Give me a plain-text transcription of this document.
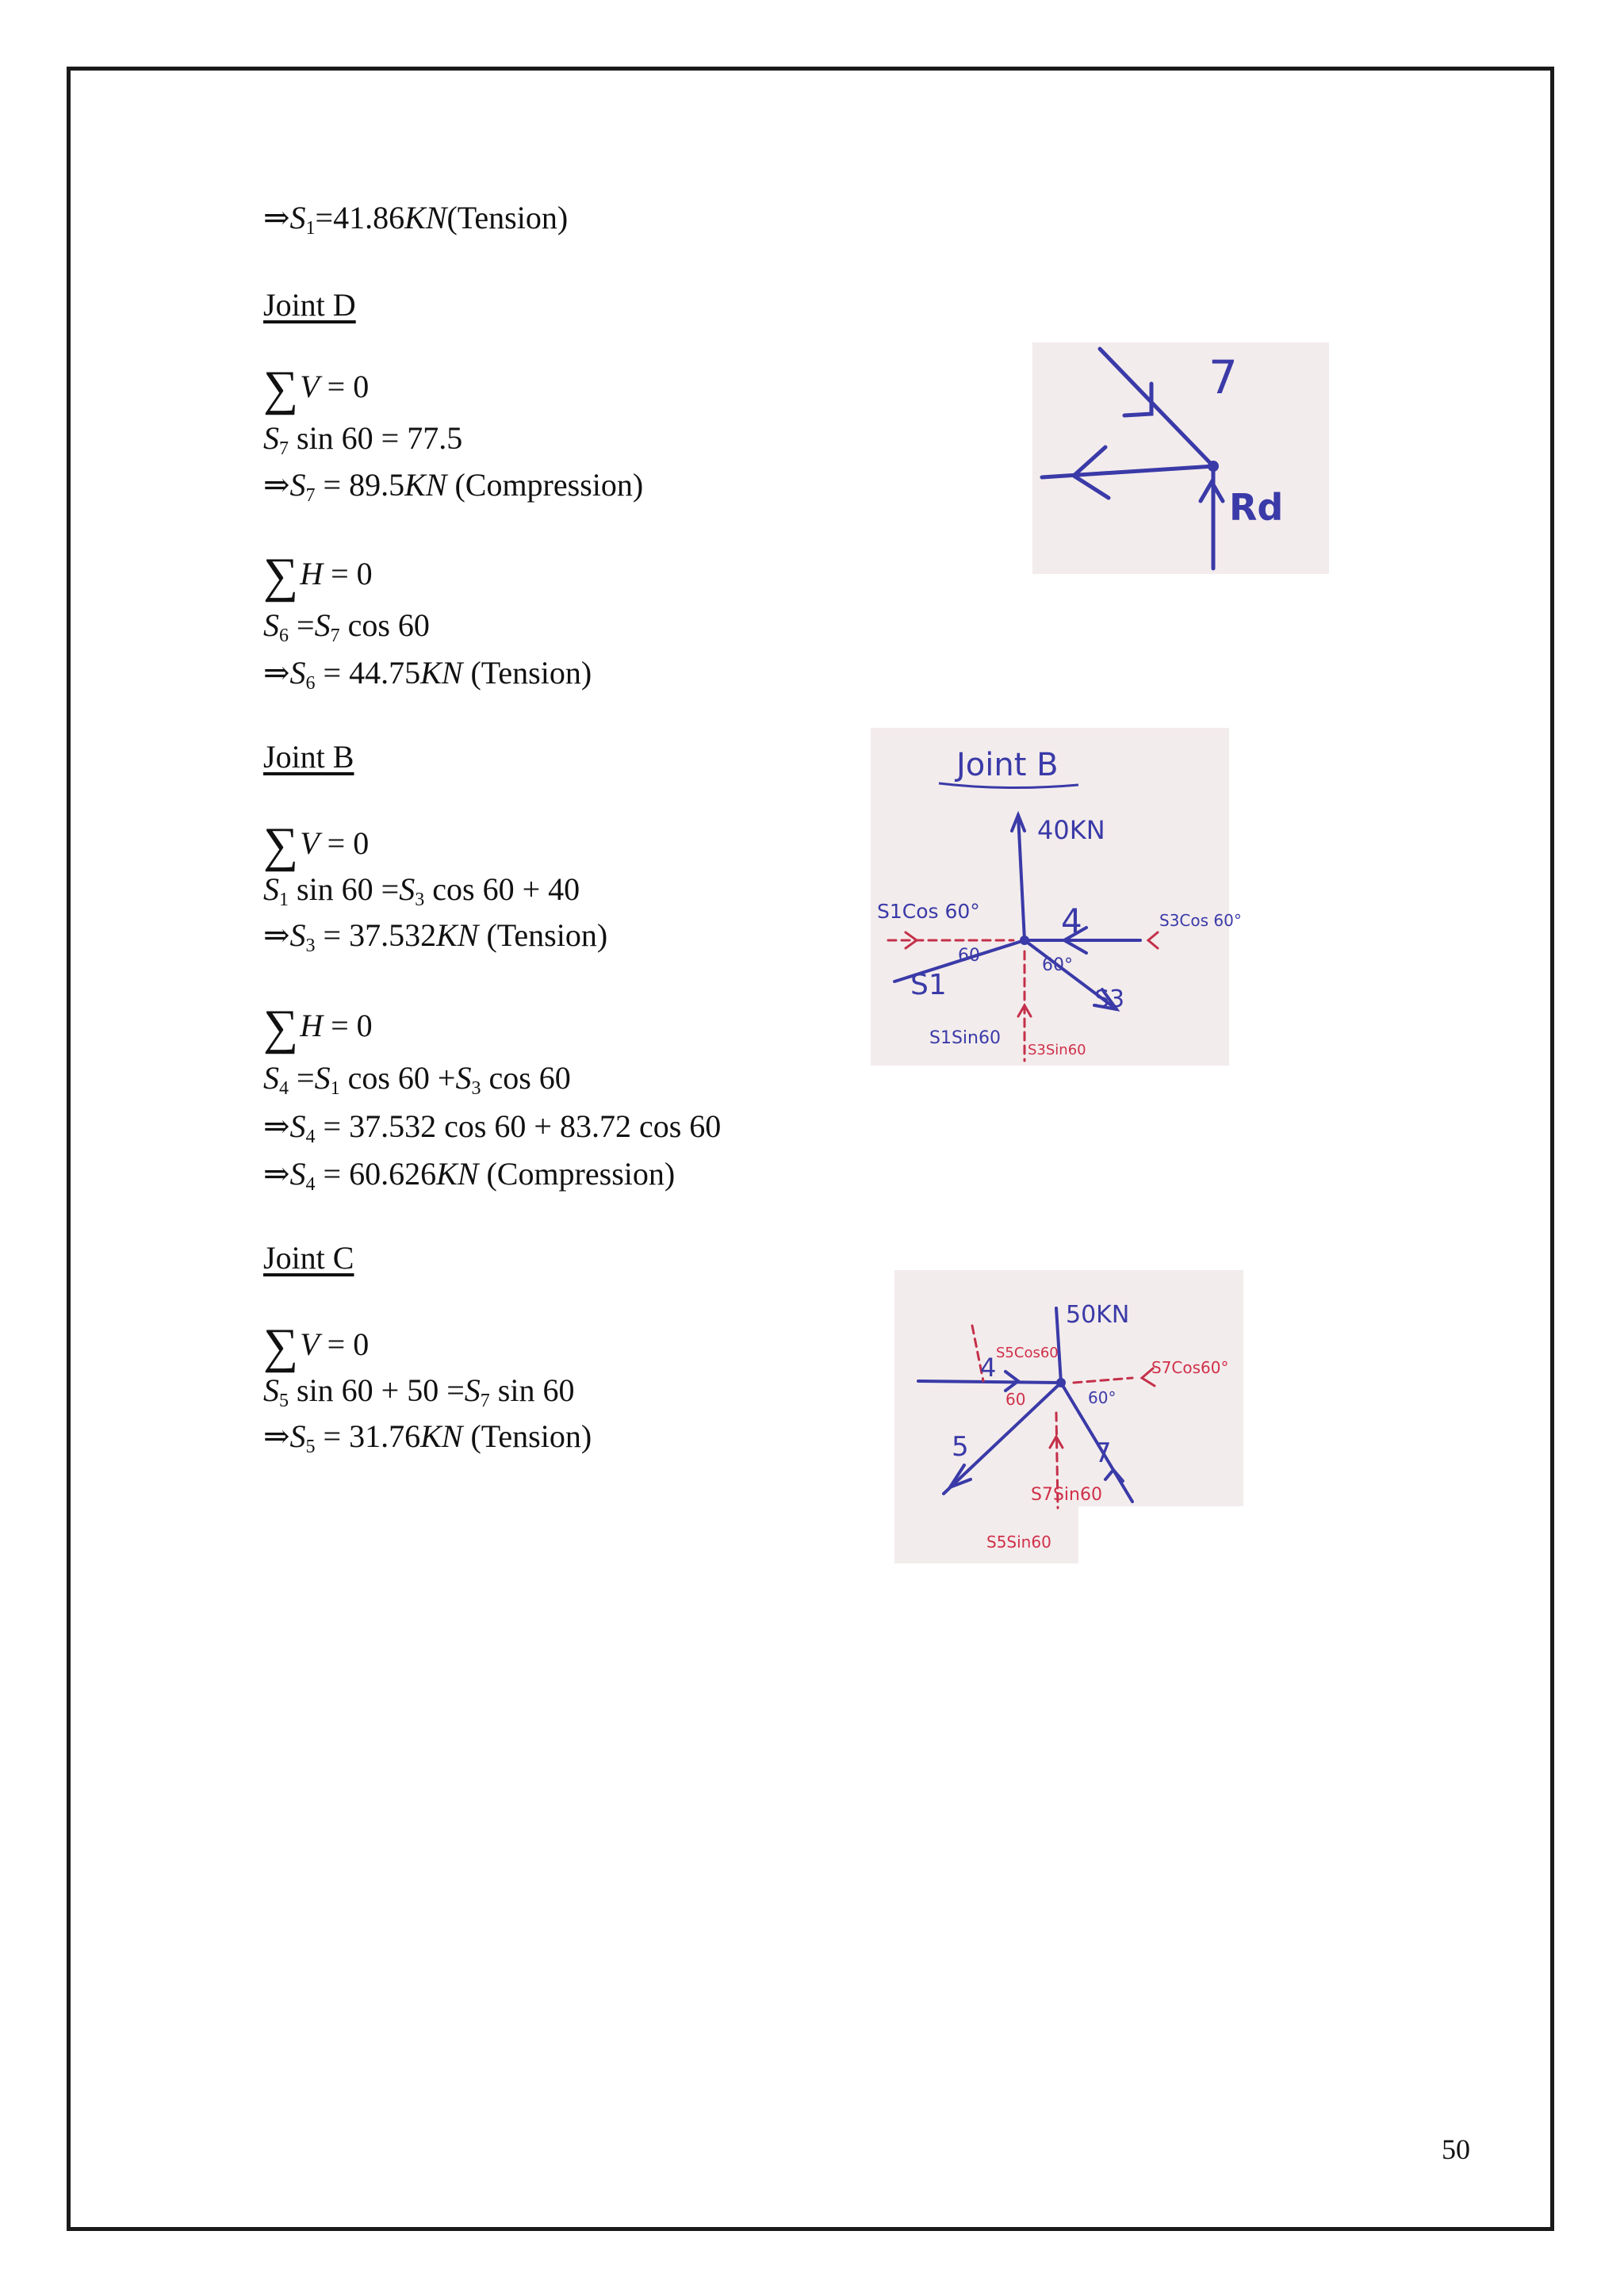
$\Rightarrow S_1=41.86KN(Tension)$
Joint D
∑V = 0
$S_7$ sin 60 = 77.5
$\Rightarrow S_7 = 89.5KN$ (Compression)
∑H = 0
$S_6 =S_7$ cos 60
$\Rightarrow S_6 = 44.75KN$ (Tension)
Joint B
∑V = 0
$S_1$ $\sin 60 =S_3$ cos 60 + 40
$\Rightarrow S_3 = 37.532KN$ (Tension)
∑H = 0
$S_4 =S_1$ $\cos 60 +S_3$ cos 60
$\Rightarrow S_4 = 37.532$ cos 60 + 83.72 cos 60
$\Rightarrow S_4 = 60.626KN$ (Compression)
Joint C
∑V = 0
$S_5$ $\sin 60 + 50 =S_7$ sin 60
$\Rightarrow S_5 = 31.76KN$ (Tension)
7
Rd
Joint B
40KN
S1Cos 60° 4	S3Cos 60°
60	60°
S1	S3
S1Sin60
S3Sin60
50KN
4 S5Cos60
S7Cos60°
60	60°
5	7
S7Sin60
S5Sin60
50
